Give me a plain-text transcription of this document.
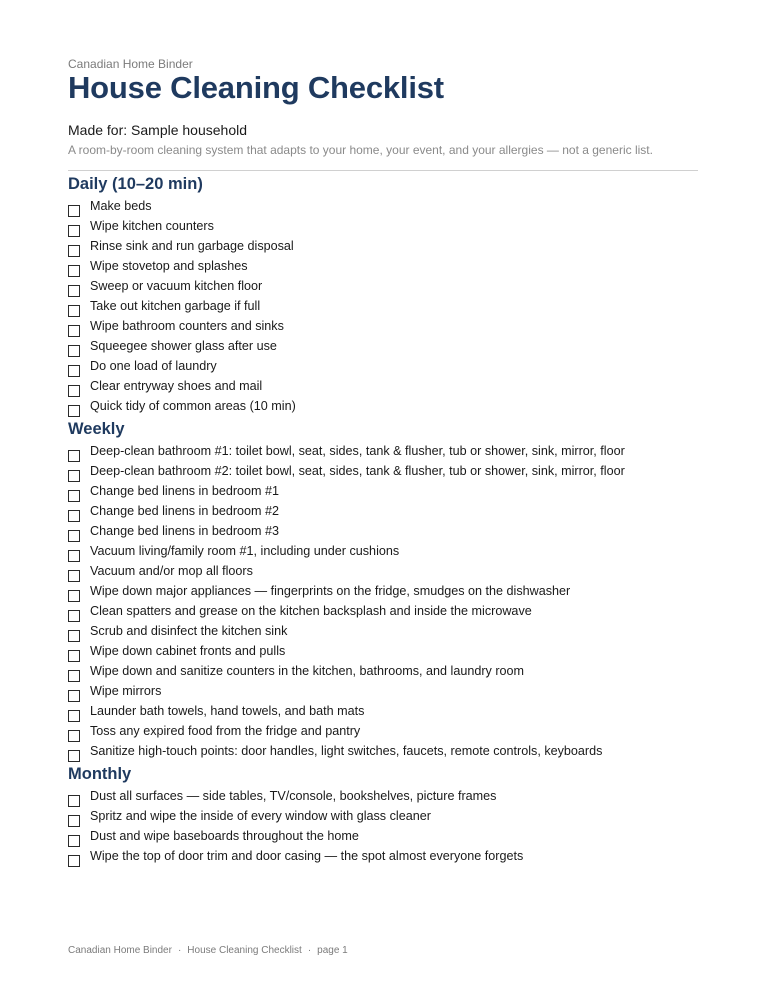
Canadian Home Binder
House Cleaning Checklist
Made for: Sample household
A room-by-room cleaning system that adapts to your home, your event, and your allergies — not a generic list.
Daily (10–20 min)
Make beds
Wipe kitchen counters
Rinse sink and run garbage disposal
Wipe stovetop and splashes
Sweep or vacuum kitchen floor
Take out kitchen garbage if full
Wipe bathroom counters and sinks
Squeegee shower glass after use
Do one load of laundry
Clear entryway shoes and mail
Quick tidy of common areas (10 min)
Weekly
Deep-clean bathroom #1: toilet bowl, seat, sides, tank & flusher, tub or shower, sink, mirror, floor
Deep-clean bathroom #2: toilet bowl, seat, sides, tank & flusher, tub or shower, sink, mirror, floor
Change bed linens in bedroom #1
Change bed linens in bedroom #2
Change bed linens in bedroom #3
Vacuum living/family room #1, including under cushions
Vacuum and/or mop all floors
Wipe down major appliances — fingerprints on the fridge, smudges on the dishwasher
Clean spatters and grease on the kitchen backsplash and inside the microwave
Scrub and disinfect the kitchen sink
Wipe down cabinet fronts and pulls
Wipe down and sanitize counters in the kitchen, bathrooms, and laundry room
Wipe mirrors
Launder bath towels, hand towels, and bath mats
Toss any expired food from the fridge and pantry
Sanitize high-touch points: door handles, light switches, faucets, remote controls, keyboards
Monthly
Dust all surfaces — side tables, TV/console, bookshelves, picture frames
Spritz and wipe the inside of every window with glass cleaner
Dust and wipe baseboards throughout the home
Wipe the top of door trim and door casing — the spot almost everyone forgets
Canadian Home Binder · House Cleaning Checklist · page 1
